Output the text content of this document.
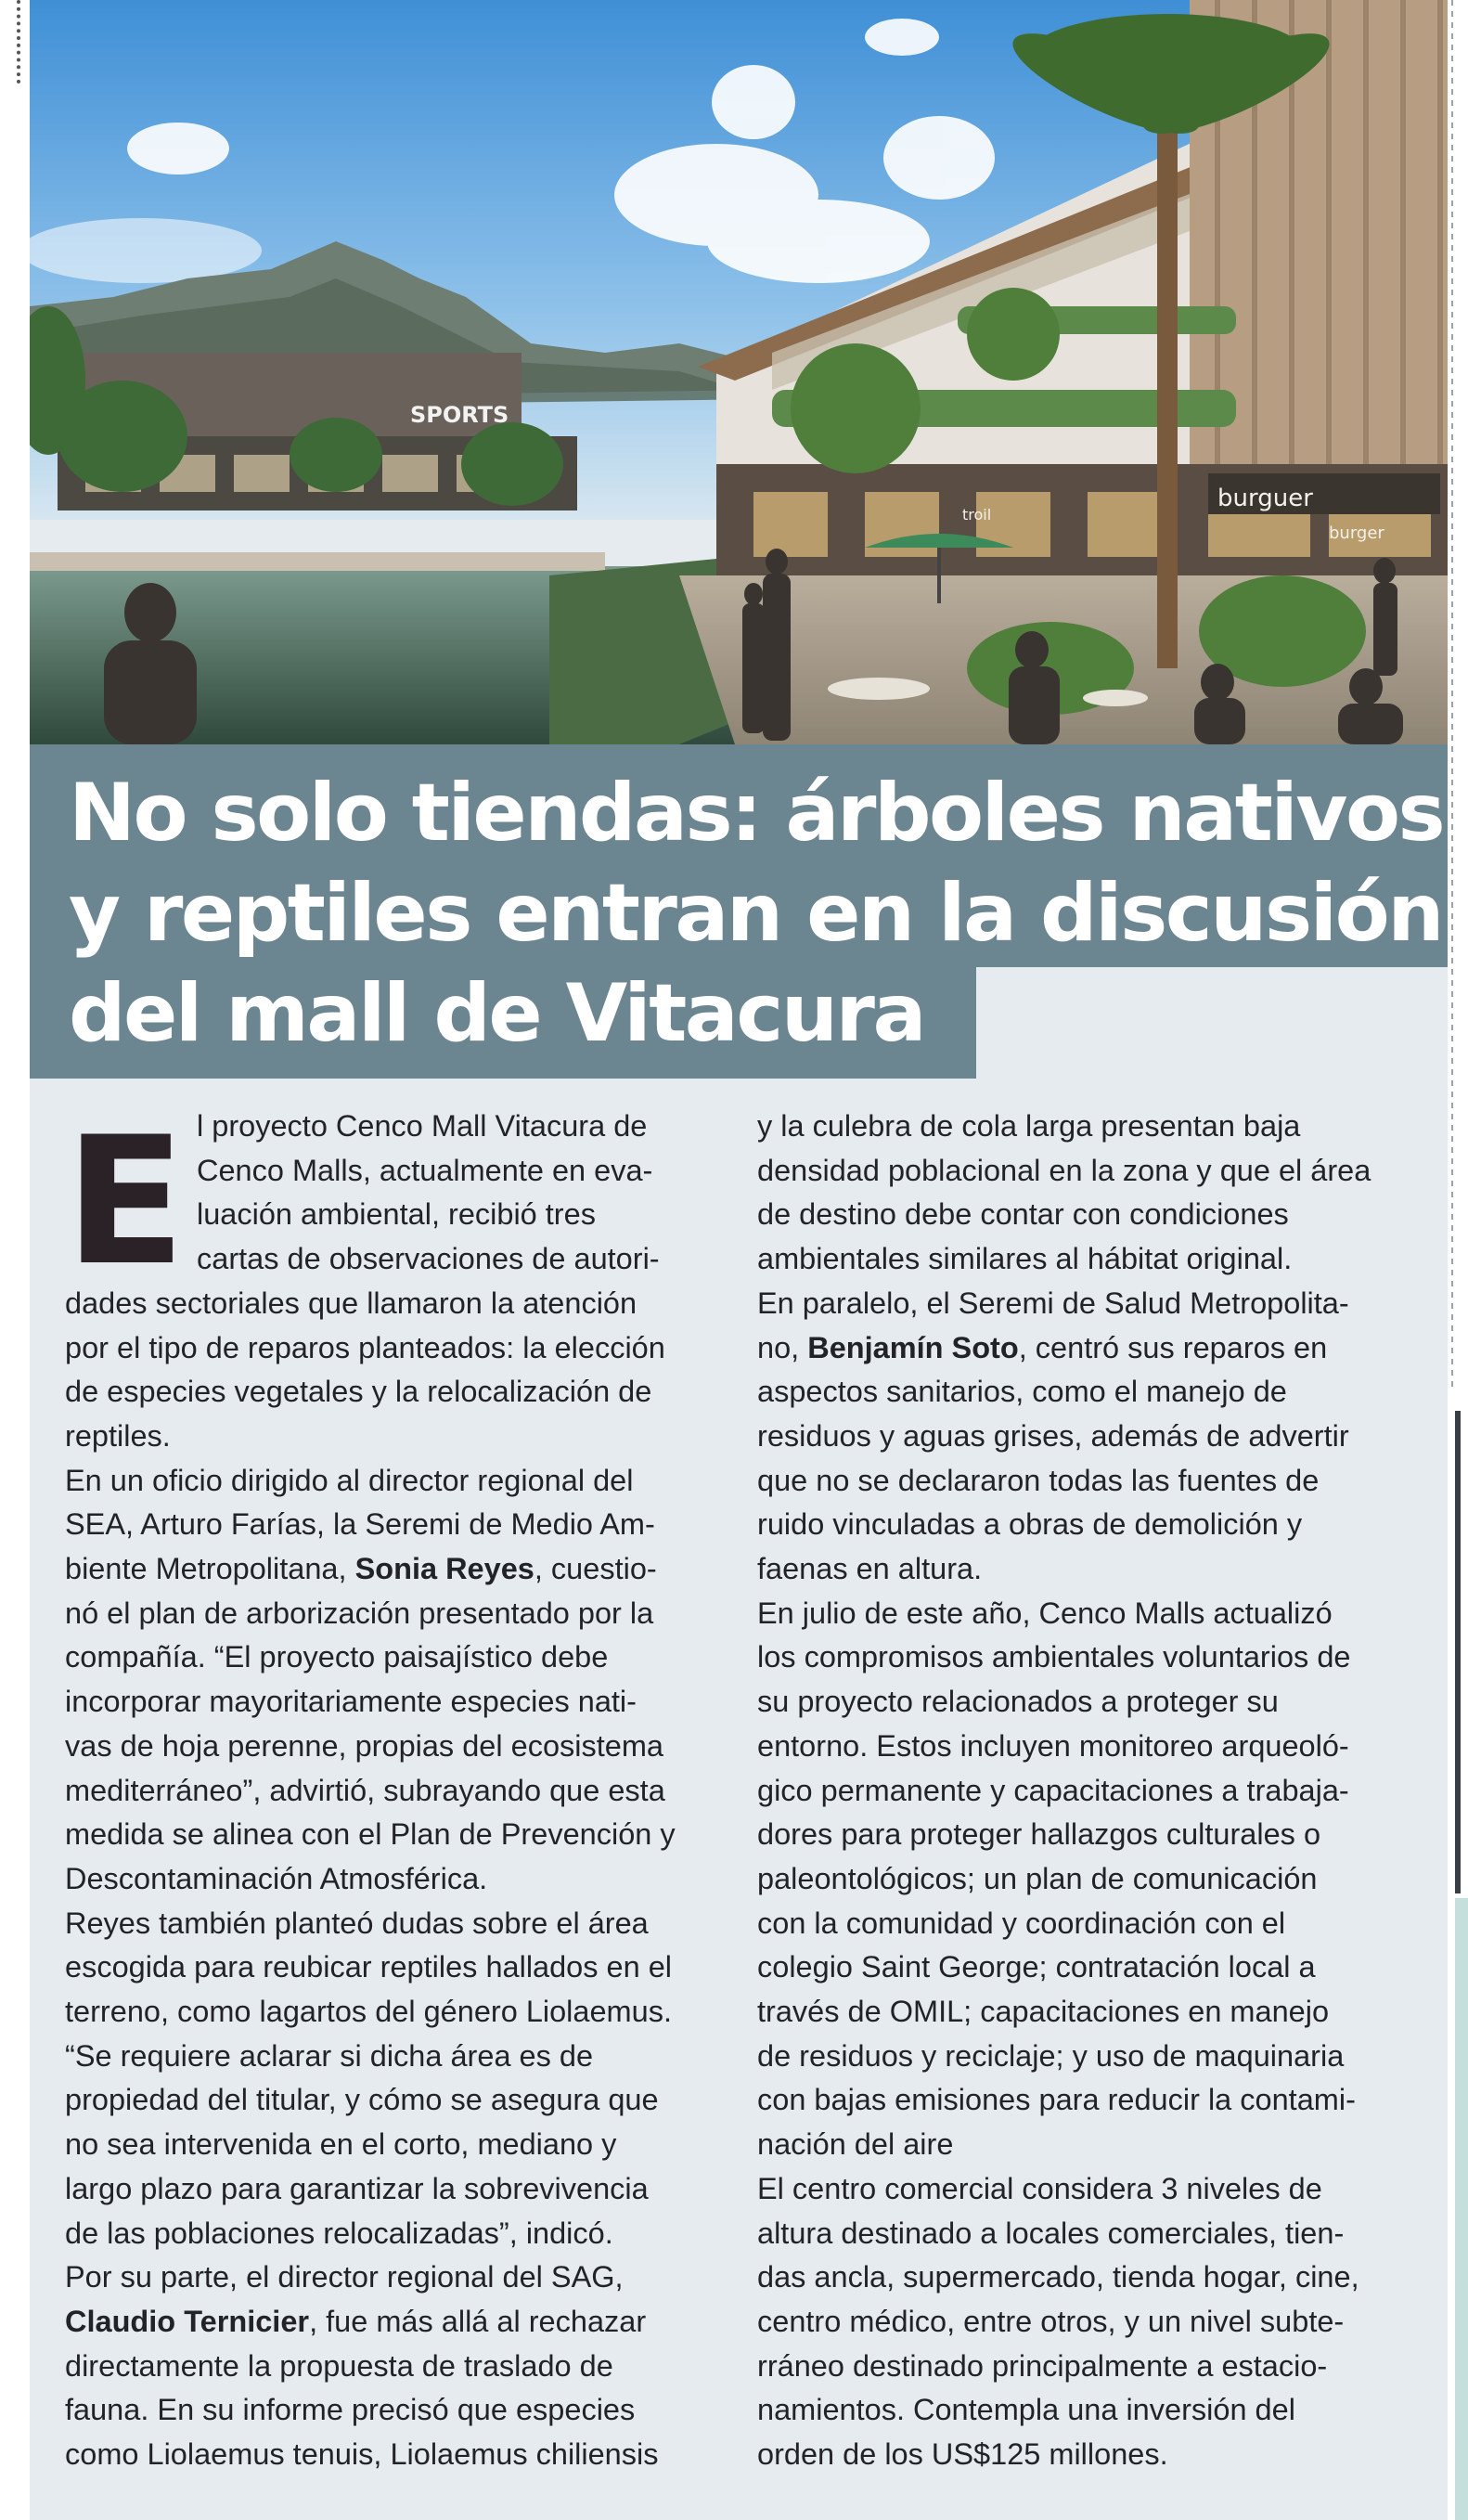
SPORTS
burguer
burger
troil
No solo tiendas: árboles nativos
y reptiles entran en la discusión
del mall de Vitacura
E l proyecto Cenco Mall Vitacura de
Cenco Malls, actualmente en eva-
luación ambiental, recibió tres
cartas de observaciones de autori-
dades sectoriales que llamaron la atención
por el tipo de reparos planteados: la elección
de especies vegetales y la relocalización de
reptiles.

En un oficio dirigido al director regional del
SEA, Arturo Farías, la Seremi de Medio Am-
biente Metropolitana, Sonia Reyes, cuestio-
nó el plan de arborización presentado por la
compañía. “El proyecto paisajístico debe
incorporar mayoritariamente especies nati-
vas de hoja perenne, propias del ecosistema
mediterráneo”, advirtió, subrayando que esta
medida se alinea con el Plan de Prevención y
Descontaminación Atmosférica.

Reyes también planteó dudas sobre el área
escogida para reubicar reptiles hallados en el
terreno, como lagartos del género Liolaemus.
“Se requiere aclarar si dicha área es de
propiedad del titular, y cómo se asegura que
no sea intervenida en el corto, mediano y
largo plazo para garantizar la sobrevivencia
de las poblaciones relocalizadas”, indicó.

Por su parte, el director regional del SAG,
Claudio Ternicier, fue más allá al rechazar
directamente la propuesta de traslado de
fauna. En su informe precisó que especies
como Liolaemus tenuis, Liolaemus chiliensis

y la culebra de cola larga presentan baja
densidad poblacional en la zona y que el área
de destino debe contar con condiciones
ambientales similares al hábitat original.

En paralelo, el Seremi de Salud Metropolita-
no, Benjamín Soto, centró sus reparos en
aspectos sanitarios, como el manejo de
residuos y aguas grises, además de advertir
que no se declararon todas las fuentes de
ruido vinculadas a obras de demolición y
faenas en altura.

En julio de este año, Cenco Malls actualizó
los compromisos ambientales voluntarios de
su proyecto relacionados a proteger su
entorno. Estos incluyen monitoreo arqueoló-
gico permanente y capacitaciones a trabaja-
dores para proteger hallazgos culturales o
paleontológicos; un plan de comunicación
con la comunidad y coordinación con el
colegio Saint George; contratación local a
través de OMIL; capacitaciones en manejo
de residuos y reciclaje; y uso de maquinaria
con bajas emisiones para reducir la contami-
nación del aire

El centro comercial considera 3 niveles de
altura destinado a locales comerciales, tien-
das ancla, supermercado, tienda hogar, cine,
centro médico, entre otros, y un nivel subte-
rráneo destinado principalmente a estacio-
namientos. Contempla una inversión del
orden de los US$125 millones.
